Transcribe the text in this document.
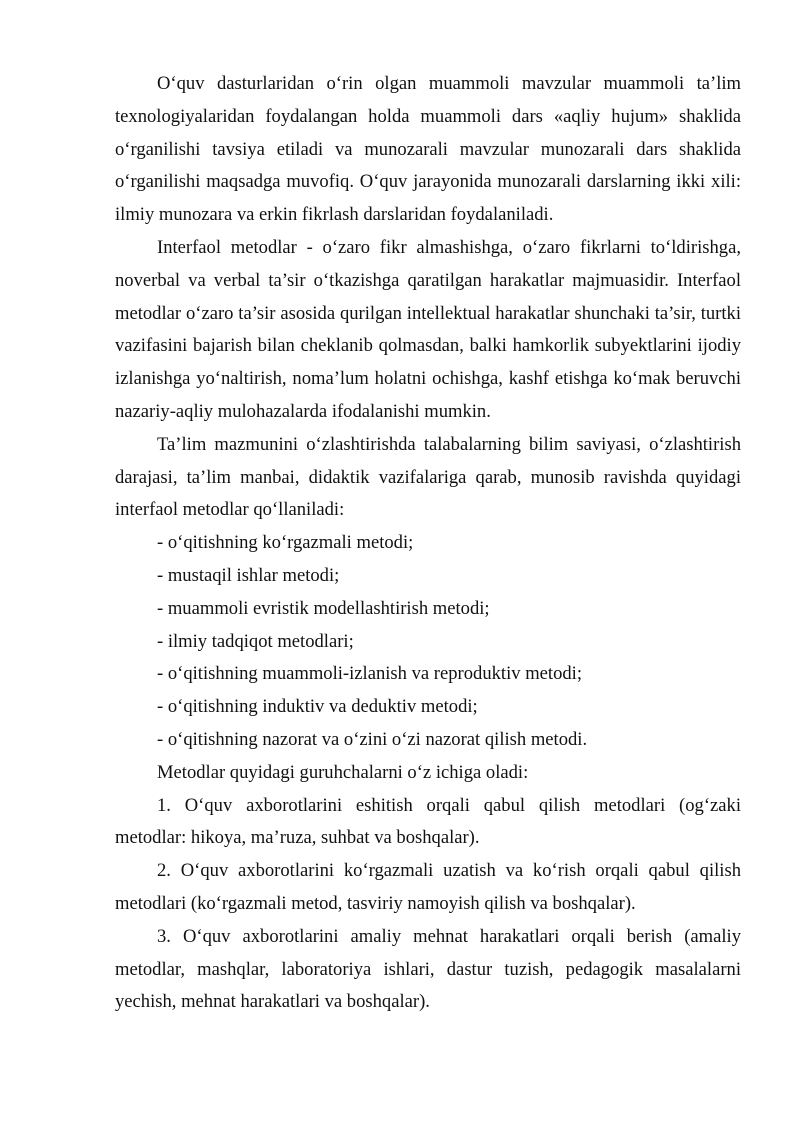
O‘quv dasturlaridan o‘rin olgan muammoli mavzular muammoli ta’lim texnologiyalaridan foydalangan holda muammoli dars «aqliy hujum» shaklida o‘rganilishi tavsiya etiladi va munozarali mavzular munozarali dars shaklida o‘rganilishi maqsadga muvofiq. O‘quv jarayonida munozarali darslarning ikki xili: ilmiy munozara va erkin fikrlash darslaridan foydalaniladi.

Interfaol metodlar - o‘zaro fikr almashishga, o‘zaro fikrlarni to‘ldirishga, noverbal va verbal ta’sir o‘tkazishga qaratilgan harakatlar majmuasidir. Interfaol metodlar o‘zaro ta’sir asosida qurilgan intellektual harakatlar shunchaki ta’sir, turtki vazifasini bajarish bilan cheklanib qolmasdan, balki hamkorlik subyektlarini ijodiy izlanishga yo‘naltirish, noma’lum holatni ochishga, kashf etishga ko‘mak beruvchi nazariy-aqliy mulohazalarda ifodalanishi mumkin.

Ta’lim mazmunini o‘zlashtirishda talabalarning bilim saviyasi, o‘zlashtirish darajasi, ta’lim manbai, didaktik vazifalariga qarab, munosib ravishda quyidagi interfaol metodlar qo‘llaniladi:

- o‘qitishning ko‘rgazmali metodi;
- mustaqil ishlar metodi;
- muammoli evristik modellashtirish metodi;
- ilmiy tadqiqot metodlari;
- o‘qitishning muammoli-izlanish va reproduktiv metodi;
- o‘qitishning induktiv va deduktiv metodi;
- o‘qitishning nazorat va o‘zini o‘zi nazorat qilish metodi.

Metodlar quyidagi guruhchalarni o‘z ichiga oladi:

1. O‘quv axborotlarini eshitish orqali qabul qilish metodlari (og‘zaki metodlar: hikoya, ma’ruza, suhbat va boshqalar).

2. O‘quv axborotlarini ko‘rgazmali uzatish va ko‘rish orqali qabul qilish metodlari (ko‘rgazmali metod, tasviriy namoyish qilish va boshqalar).

3. O‘quv axborotlarini amaliy mehnat harakatlari orqali berish (amaliy metodlar, mashqlar, laboratoriya ishlari, dastur tuzish, pedagogik masalalarni yechish, mehnat harakatlari va boshqalar).
